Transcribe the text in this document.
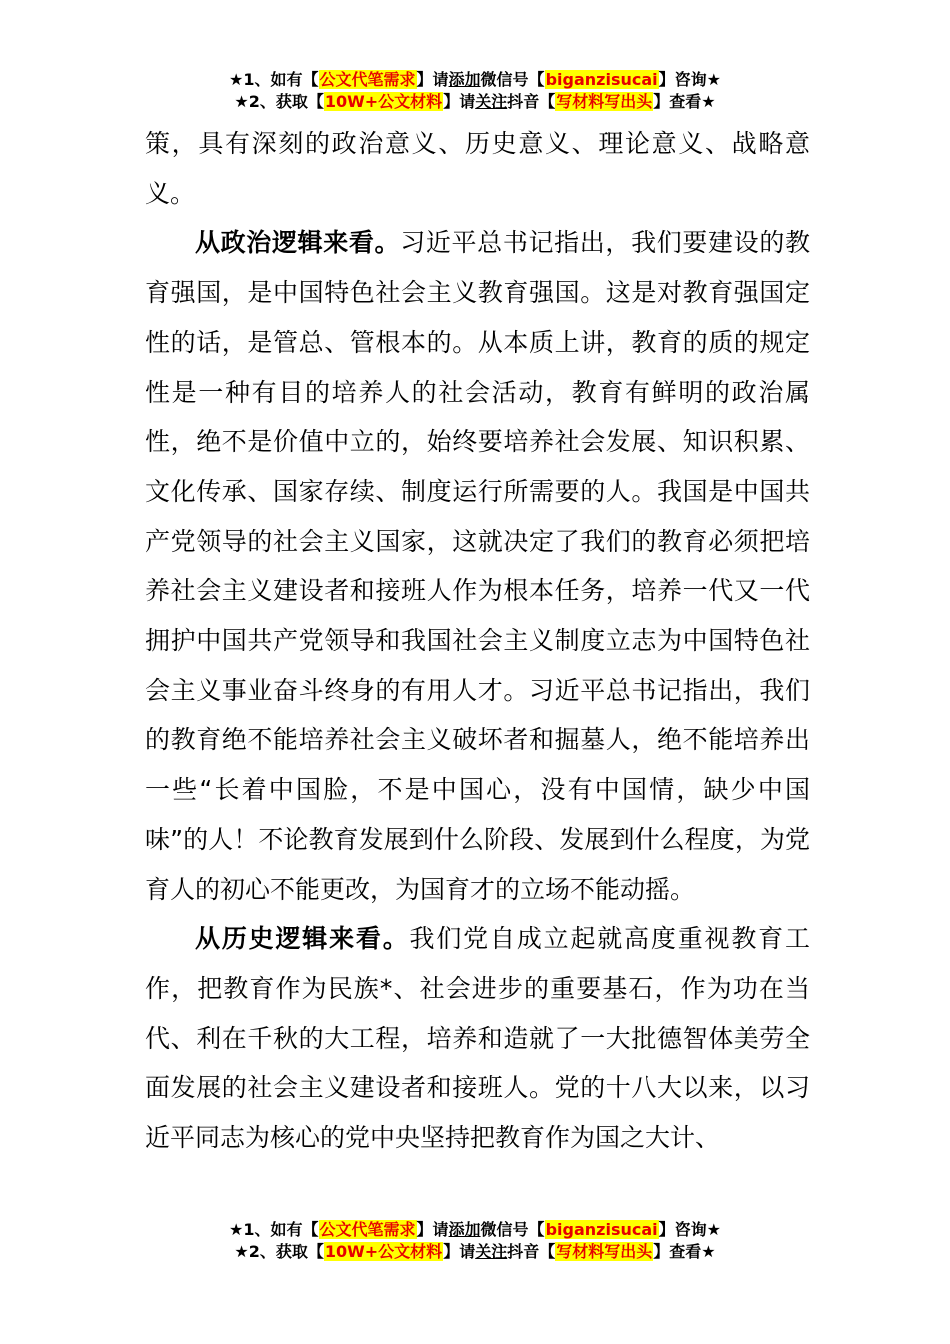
★1、如有【公文代笔需求】请添加微信号【biganzisucai】咨询★
★2、获取【10W+公文材料】请关注抖音【写材料写出头】查看★

策，具有深刻的政治意义、历史意义、理论意义、战略意义。

从政治逻辑来看。习近平总书记指出，我们要建设的教育强国，是中国特色社会主义教育强国。这是对教育强国定性的话，是管总、管根本的。从本质上讲，教育的质的规定性是一种有目的培养人的社会活动，教育有鲜明的政治属性，绝不是价值中立的，始终要培养社会发展、知识积累、文化传承、国家存续、制度运行所需要的人。我国是中国共产党领导的社会主义国家，这就决定了我们的教育必须把培养社会主义建设者和接班人作为根本任务，培养一代又一代拥护中国共产党领导和我国社会主义制度立志为中国特色社会主义事业奋斗终身的有用人才。习近平总书记指出，我们的教育绝不能培养社会主义破坏者和掘墓人，绝不能培养出一些“长着中国脸，不是中国心，没有中国情，缺少中国味”的人！不论教育发展到什么阶段、发展到什么程度，为党育人的初心不能更改，为国育才的立场不能动摇。

从历史逻辑来看。我们党自成立起就高度重视教育工作，把教育作为民族*、社会进步的重要基石，作为功在当代、利在千秋的大工程，培养和造就了一大批德智体美劳全面发展的社会主义建设者和接班人。党的十八大以来，以习近平同志为核心的党中央坚持把教育作为国之大计、

★1、如有【公文代笔需求】请添加微信号【biganzisucai】咨询★
★2、获取【10W+公文材料】请关注抖音【写材料写出头】查看★
